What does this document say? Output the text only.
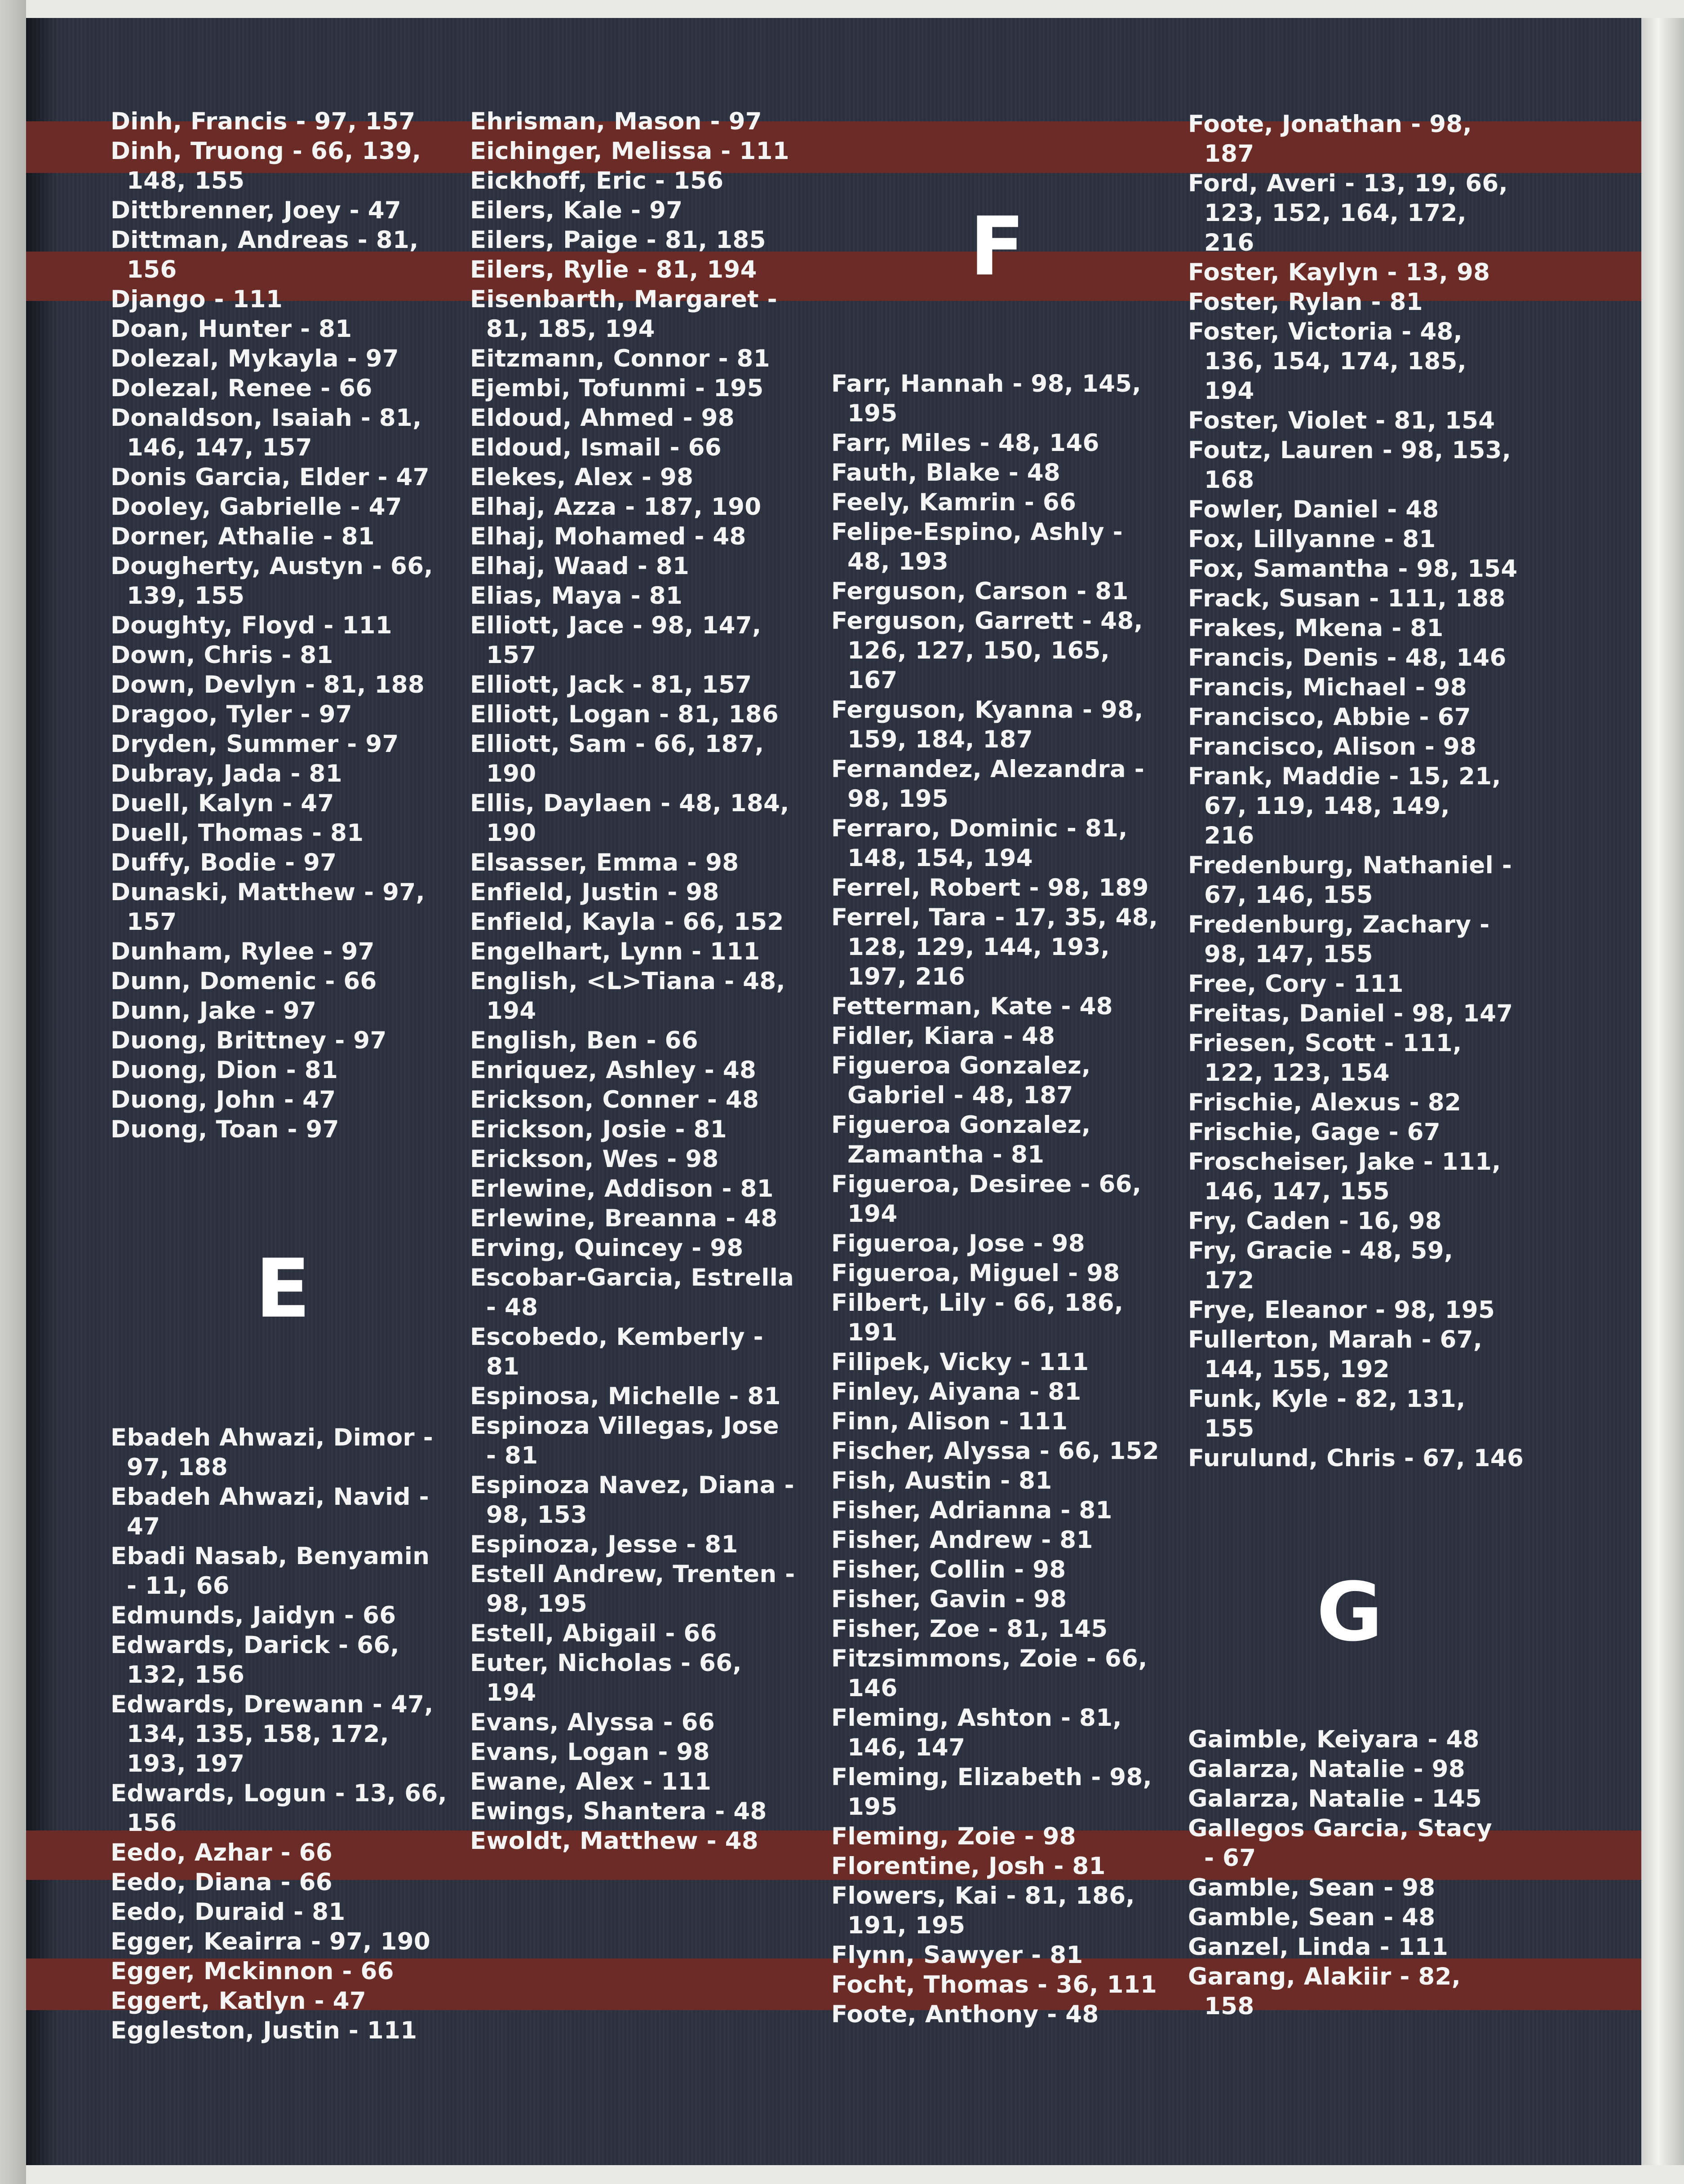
E
F
G
Dinh, Francis - 97, 157
Dinh, Truong - 66, 139,
148, 155
Dittbrenner, Joey - 47
Dittman, Andreas - 81,
156
Django - 111
Doan, Hunter - 81
Dolezal, Mykayla - 97
Dolezal, Renee - 66
Donaldson, Isaiah - 81,
146, 147, 157
Donis Garcia, Elder - 47
Dooley, Gabrielle - 47
Dorner, Athalie - 81
Dougherty, Austyn - 66,
139, 155
Doughty, Floyd - 111
Down, Chris - 81
Down, Devlyn - 81, 188
Dragoo, Tyler - 97
Dryden, Summer - 97
Dubray, Jada - 81
Duell, Kalyn - 47
Duell, Thomas - 81
Duffy, Bodie - 97
Dunaski, Matthew - 97,
157
Dunham, Rylee - 97
Dunn, Domenic - 66
Dunn, Jake - 97
Duong, Brittney - 97
Duong, Dion - 81
Duong, John - 47
Duong, Toan - 97
Ebadeh Ahwazi, Dimor -
97, 188
Ebadeh Ahwazi, Navid -
47
Ebadi Nasab, Benyamin
- 11, 66
Edmunds, Jaidyn - 66
Edwards, Darick - 66,
132, 156
Edwards, Drewann - 47,
134, 135, 158, 172,
193, 197
Edwards, Logun - 13, 66,
156
Eedo, Azhar - 66
Eedo, Diana - 66
Eedo, Duraid - 81
Egger, Keairra - 97, 190
Egger, Mckinnon - 66
Eggert, Katlyn - 47
Eggleston, Justin - 111
Ehrisman, Mason - 97
Eichinger, Melissa - 111
Eickhoff, Eric - 156
Eilers, Kale - 97
Eilers, Paige - 81, 185
Eilers, Rylie - 81, 194
Eisenbarth, Margaret -
81, 185, 194
Eitzmann, Connor - 81
Ejembi, Tofunmi - 195
Eldoud, Ahmed - 98
Eldoud, Ismail - 66
Elekes, Alex - 98
Elhaj, Azza - 187, 190
Elhaj, Mohamed - 48
Elhaj, Waad - 81
Elias, Maya - 81
Elliott, Jace - 98, 147,
157
Elliott, Jack - 81, 157
Elliott, Logan - 81, 186
Elliott, Sam - 66, 187,
190
Ellis, Daylaen - 48, 184,
190
Elsasser, Emma - 98
Enfield, Justin - 98
Enfield, Kayla - 66, 152
Engelhart, Lynn - 111
English, <L>Tiana - 48,
194
English, Ben - 66
Enriquez, Ashley - 48
Erickson, Conner - 48
Erickson, Josie - 81
Erickson, Wes - 98
Erlewine, Addison - 81
Erlewine, Breanna - 48
Erving, Quincey - 98
Escobar-Garcia, Estrella
- 48
Escobedo, Kemberly -
81
Espinosa, Michelle - 81
Espinoza Villegas, Jose
- 81
Espinoza Navez, Diana -
98, 153
Espinoza, Jesse - 81
Estell Andrew, Trenten -
98, 195
Estell, Abigail - 66
Euter, Nicholas - 66,
194
Evans, Alyssa - 66
Evans, Logan - 98
Ewane, Alex - 111
Ewings, Shantera - 48
Ewoldt, Matthew - 48
Farr, Hannah - 98, 145,
195
Farr, Miles - 48, 146
Fauth, Blake - 48
Feely, Kamrin - 66
Felipe-Espino, Ashly -
48, 193
Ferguson, Carson - 81
Ferguson, Garrett - 48,
126, 127, 150, 165,
167
Ferguson, Kyanna - 98,
159, 184, 187
Fernandez, Alezandra -
98, 195
Ferraro, Dominic - 81,
148, 154, 194
Ferrel, Robert - 98, 189
Ferrel, Tara - 17, 35, 48,
128, 129, 144, 193,
197, 216
Fetterman, Kate - 48
Fidler, Kiara - 48
Figueroa Gonzalez,
Gabriel - 48, 187
Figueroa Gonzalez,
Zamantha - 81
Figueroa, Desiree - 66,
194
Figueroa, Jose - 98
Figueroa, Miguel - 98
Filbert, Lily - 66, 186,
191
Filipek, Vicky - 111
Finley, Aiyana - 81
Finn, Alison - 111
Fischer, Alyssa - 66, 152
Fish, Austin - 81
Fisher, Adrianna - 81
Fisher, Andrew - 81
Fisher, Collin - 98
Fisher, Gavin - 98
Fisher, Zoe - 81, 145
Fitzsimmons, Zoie - 66,
146
Fleming, Ashton - 81,
146, 147
Fleming, Elizabeth - 98,
195
Fleming, Zoie - 98
Florentine, Josh - 81
Flowers, Kai - 81, 186,
191, 195
Flynn, Sawyer - 81
Focht, Thomas - 36, 111
Foote, Anthony - 48
Foote, Jonathan - 98,
187
Ford, Averi - 13, 19, 66,
123, 152, 164, 172,
216
Foster, Kaylyn - 13, 98
Foster, Rylan - 81
Foster, Victoria - 48,
136, 154, 174, 185,
194
Foster, Violet - 81, 154
Foutz, Lauren - 98, 153,
168
Fowler, Daniel - 48
Fox, Lillyanne - 81
Fox, Samantha - 98, 154
Frack, Susan - 111, 188
Frakes, Mkena - 81
Francis, Denis - 48, 146
Francis, Michael - 98
Francisco, Abbie - 67
Francisco, Alison - 98
Frank, Maddie - 15, 21,
67, 119, 148, 149,
216
Fredenburg, Nathaniel -
67, 146, 155
Fredenburg, Zachary -
98, 147, 155
Free, Cory - 111
Freitas, Daniel - 98, 147
Friesen, Scott - 111,
122, 123, 154
Frischie, Alexus - 82
Frischie, Gage - 67
Froscheiser, Jake - 111,
146, 147, 155
Fry, Caden - 16, 98
Fry, Gracie - 48, 59,
172
Frye, Eleanor - 98, 195
Fullerton, Marah - 67,
144, 155, 192
Funk, Kyle - 82, 131,
155
Furulund, Chris - 67, 146
Gaimble, Keiyara - 48
Galarza, Natalie - 98
Galarza, Natalie - 145
Gallegos Garcia, Stacy
- 67
Gamble, Sean - 98
Gamble, Sean - 48
Ganzel, Linda - 111
Garang, Alakiir - 82,
158
